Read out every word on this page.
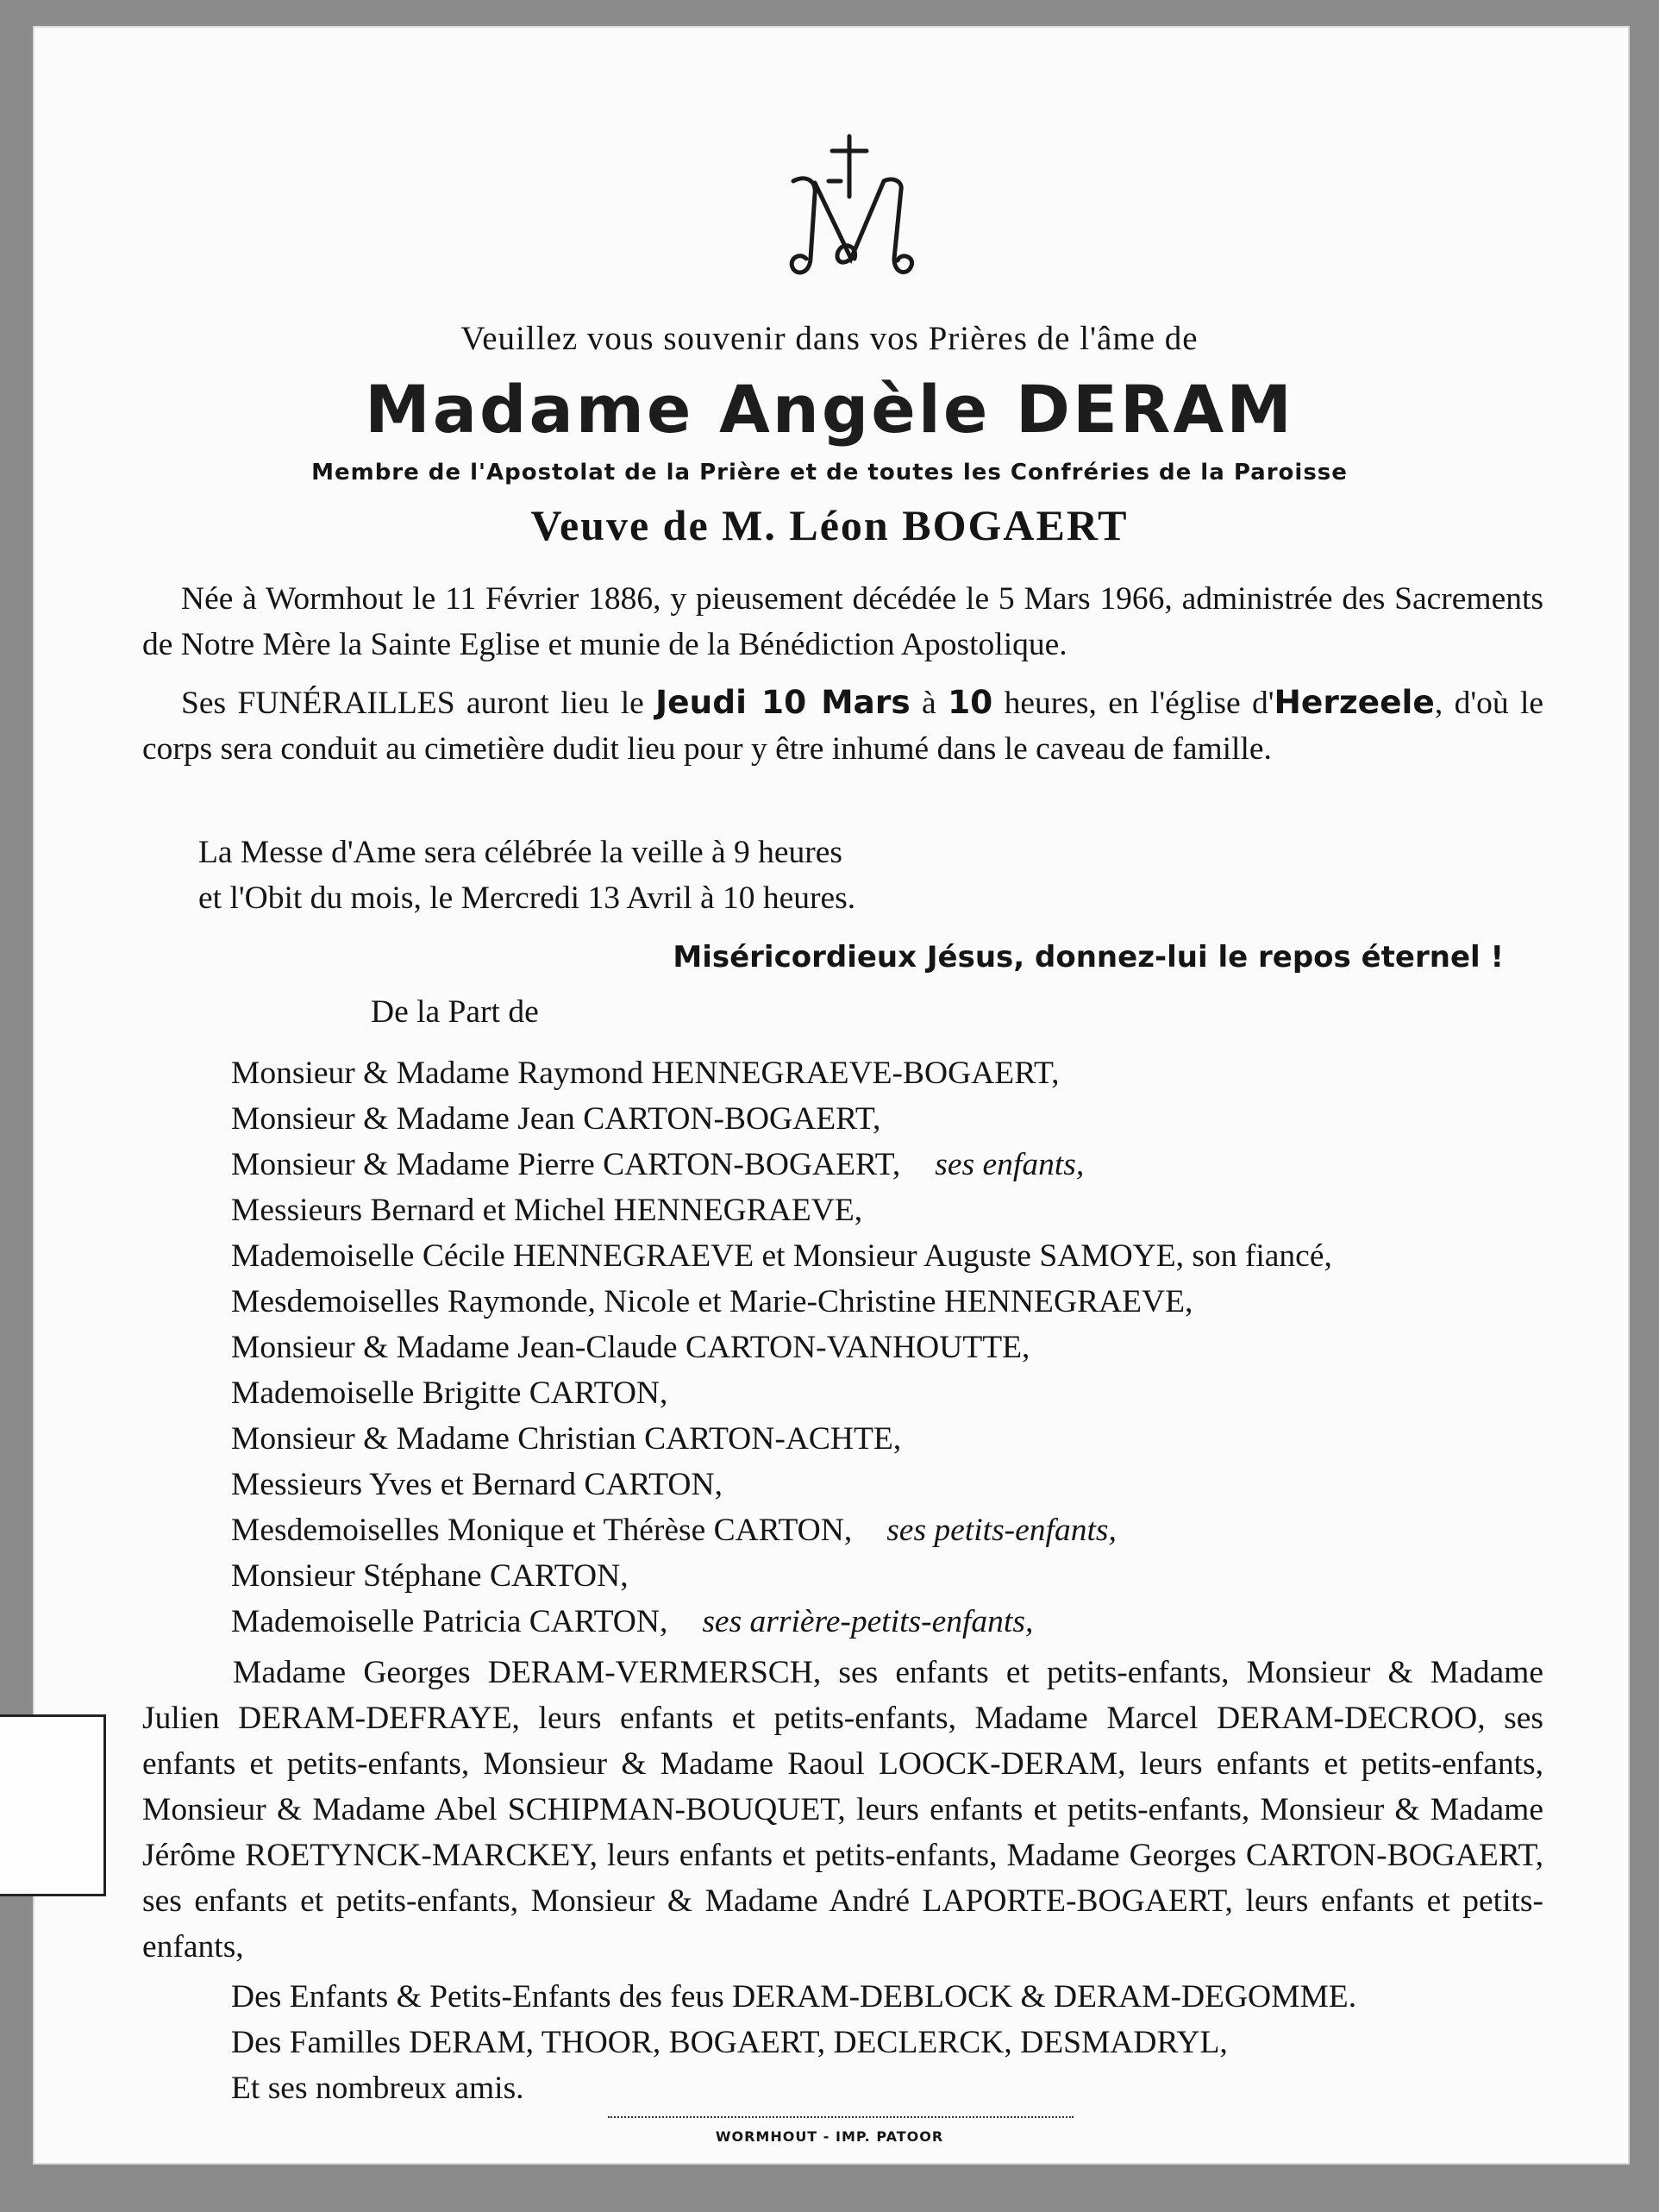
Veuillez vous souvenir dans vos Prières de l'âme de
Madame Angèle DERAM
Membre de l'Apostolat de la Prière et de toutes les Confréries de la Paroisse
Veuve de M. Léon BOGAERT
Née à Wormhout le 11 Février 1886, y pieusement décédée le 5 Mars 1966, administrée des Sacrements de Notre Mère la Sainte Eglise et munie de la Bénédiction Apostolique.
Ses FUNÉRAILLES auront lieu le Jeudi 10 Mars à 10 heures, en l'église d'Herzeele, d'où le corps sera conduit au cimetière dudit lieu pour y être inhumé dans le caveau de famille.
La Messe d'Ame sera célébrée la veille à 9 heures
et l'Obit du mois, le Mercredi 13 Avril à 10 heures.
Miséricordieux Jésus, donnez-lui le repos éternel !
De la Part de
Monsieur & Madame Raymond HENNEGRAEVE-BOGAERT,
Monsieur & Madame Jean CARTON-BOGAERT,
Monsieur & Madame Pierre CARTON-BOGAERT, ses enfants,
Messieurs Bernard et Michel HENNEGRAEVE,
Mademoiselle Cécile HENNEGRAEVE et Monsieur Auguste SAMOYE, son fiancé,
Mesdemoiselles Raymonde, Nicole et Marie-Christine HENNEGRAEVE,
Monsieur & Madame Jean-Claude CARTON-VANHOUTTE,
Mademoiselle Brigitte CARTON,
Monsieur & Madame Christian CARTON-ACHTE,
Messieurs Yves et Bernard CARTON,
Mesdemoiselles Monique et Thérèse CARTON, ses petits-enfants,
Monsieur Stéphane CARTON,
Mademoiselle Patricia CARTON, ses arrière-petits-enfants,
Madame Georges DERAM-VERMERSCH, ses enfants et petits-enfants, Monsieur & Madame Julien DERAM-DEFRAYE, leurs enfants et petits-enfants, Madame Marcel DERAM-DECROO, ses enfants et petits-enfants, Monsieur & Madame Raoul LOOCK-DERAM, leurs enfants et petits-enfants, Monsieur & Madame Abel SCHIPMAN-BOUQUET, leurs enfants et petits-enfants, Monsieur & Madame Jérôme ROETYNCK-MARCKEY, leurs enfants et petits-enfants, Madame Georges CARTON-BOGAERT, ses enfants et petits-enfants, Monsieur & Madame André LAPORTE-BOGAERT, leurs enfants et petits-enfants,
Des Enfants & Petits-Enfants des feus DERAM-DEBLOCK & DERAM-DEGOMME.
Des Familles DERAM, THOOR, BOGAERT, DECLERCK, DESMADRYL,
Et ses nombreux amis.
WORMHOUT - IMP. PATOOR
